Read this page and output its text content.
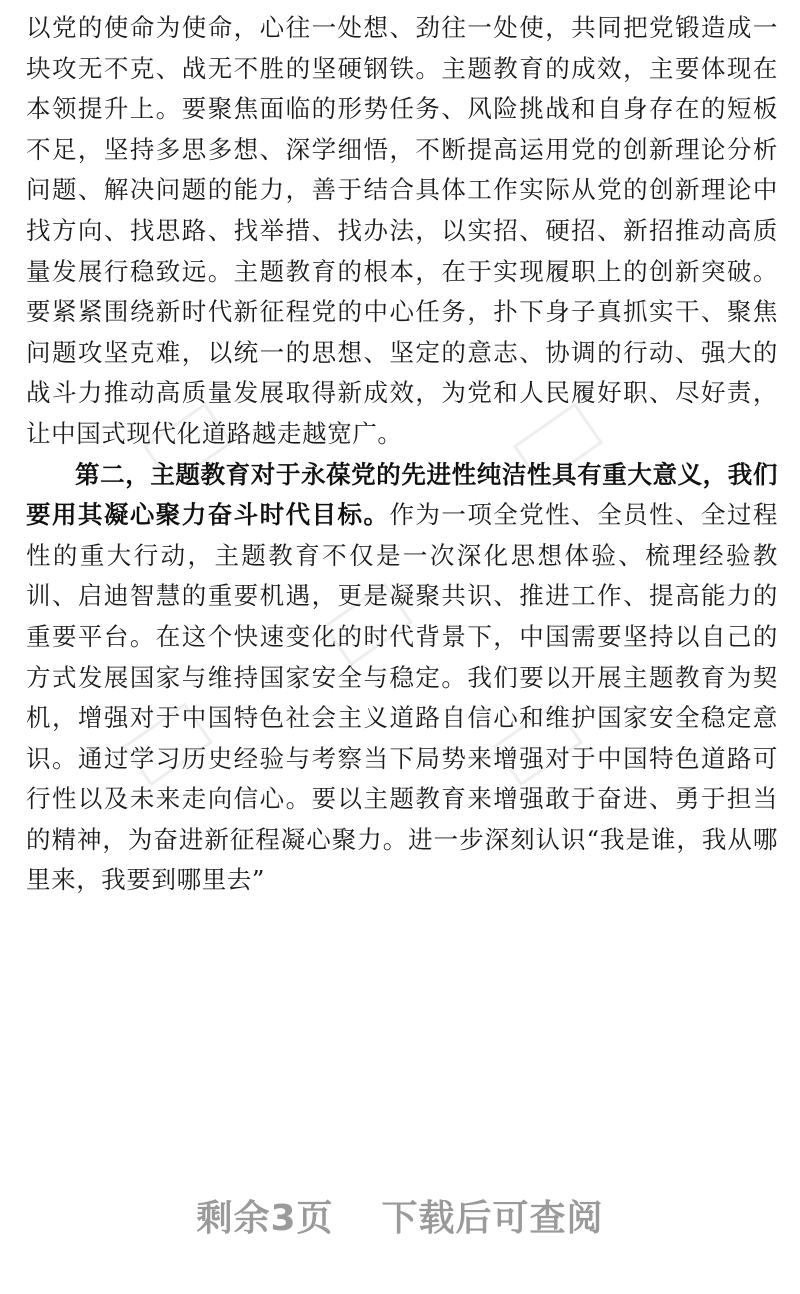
以党的使命为使命，心往一处想、劲往一处使，共同把党锻造成一块攻无不克、战无不胜的坚硬钢铁。主题教育的成效，主要体现在本领提升上。要聚焦面临的形势任务、风险挑战和自身存在的短板不足，坚持多思多想、深学细悟，不断提高运用党的创新理论分析问题、解决问题的能力，善于结合具体工作实际从党的创新理论中找方向、找思路、找举措、找办法，以实招、硬招、新招推动高质量发展行稳致远。主题教育的根本，在于实现履职上的创新突破。要紧紧围绕新时代新征程党的中心任务，扑下身子真抓实干、聚焦问题攻坚克难，以统一的思想、坚定的意志、协调的行动、强大的战斗力推动高质量发展取得新成效，为党和人民履好职、尽好责，让中国式现代化道路越走越宽广。

第二，主题教育对于永葆党的先进性纯洁性具有重大意义，我们要用其凝心聚力奋斗时代目标。作为一项全党性、全员性、全过程性的重大行动，主题教育不仅是一次深化思想体验、梳理经验教训、启迪智慧的重要机遇，更是凝聚共识、推进工作、提高能力的重要平台。在这个快速变化的时代背景下，中国需要坚持以自己的方式发展国家与维持国家安全与稳定。我们要以开展主题教育为契机，增强对于中国特色社会主义道路自信心和维护国家安全稳定意识。通过学习历史经验与考察当下局势来增强对于中国特色道路可行性以及未来走向信心。要以主题教育来增强敢于奋进、勇于担当的精神，为奋进新征程凝心聚力。进一步深刻认识“我是谁，我从哪里来，我要到哪里去”

剩余3页 下载后可查阅
